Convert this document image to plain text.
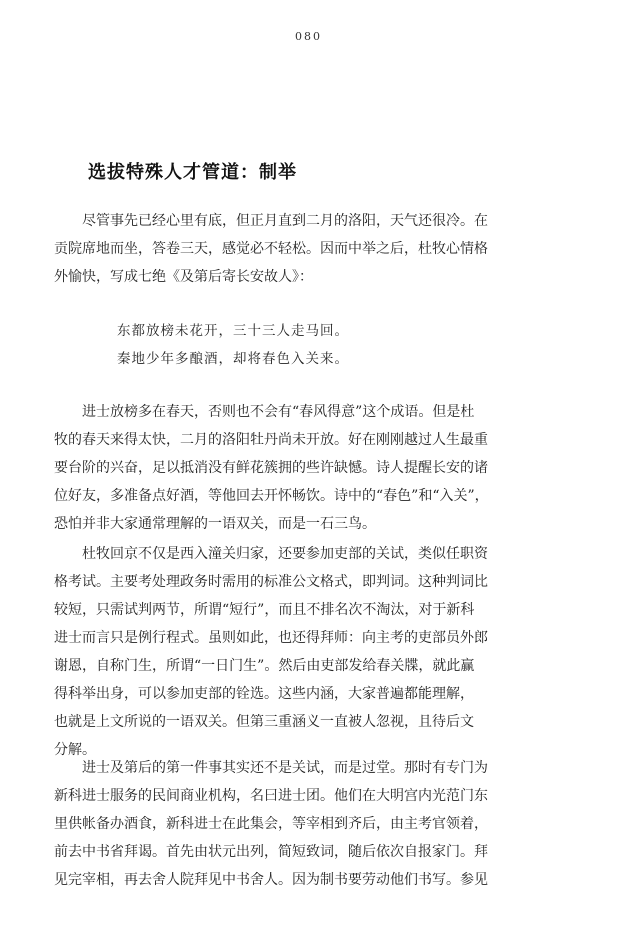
080
选拔特殊人才管道：制举
尽管事先已经心里有底，但正月直到二月的洛阳，天气还很冷。在
贡院席地而坐，答卷三天，感觉必不轻松。因而中举之后，杜牧心情格
外愉快，写成七绝《及第后寄长安故人》：
东都放榜未花开，三十三人走马回。
秦地少年多酿酒，却将春色入关来。
进士放榜多在春天，否则也不会有“春风得意”这个成语。但是杜
牧的春天来得太快，二月的洛阳牡丹尚未开放。好在刚刚越过人生最重
要台阶的兴奋，足以抵消没有鲜花簇拥的些许缺憾。诗人提醒长安的诸
位好友，多准备点好酒，等他回去开怀畅饮。诗中的“春色”和“入关”，
恐怕并非大家通常理解的一语双关，而是一石三鸟。
杜牧回京不仅是西入潼关归家，还要参加吏部的关试，类似任职资
格考试。主要考处理政务时需用的标准公文格式，即判词。这种判词比
较短，只需试判两节，所谓“短行”，而且不排名次不淘汰，对于新科
进士而言只是例行程式。虽则如此，也还得拜师：向主考的吏部员外郎
谢恩，自称门生，所谓“一日门生”。然后由吏部发给春关牒，就此赢
得科举出身，可以参加吏部的铨选。这些内涵，大家普遍都能理解，
也就是上文所说的一语双关。但第三重涵义一直被人忽视，且待后文
分解。
进士及第后的第一件事其实还不是关试，而是过堂。那时有专门为
新科进士服务的民间商业机构，名曰进士团。他们在大明宫内光范门东
里供帐备办酒食，新科进士在此集会，等宰相到齐后，由主考官领着，
前去中书省拜谒。首先由状元出列，简短致词，随后依次自报家门。拜
见完宰相，再去舍人院拜见中书舍人。因为制书要劳动他们书写。参见
